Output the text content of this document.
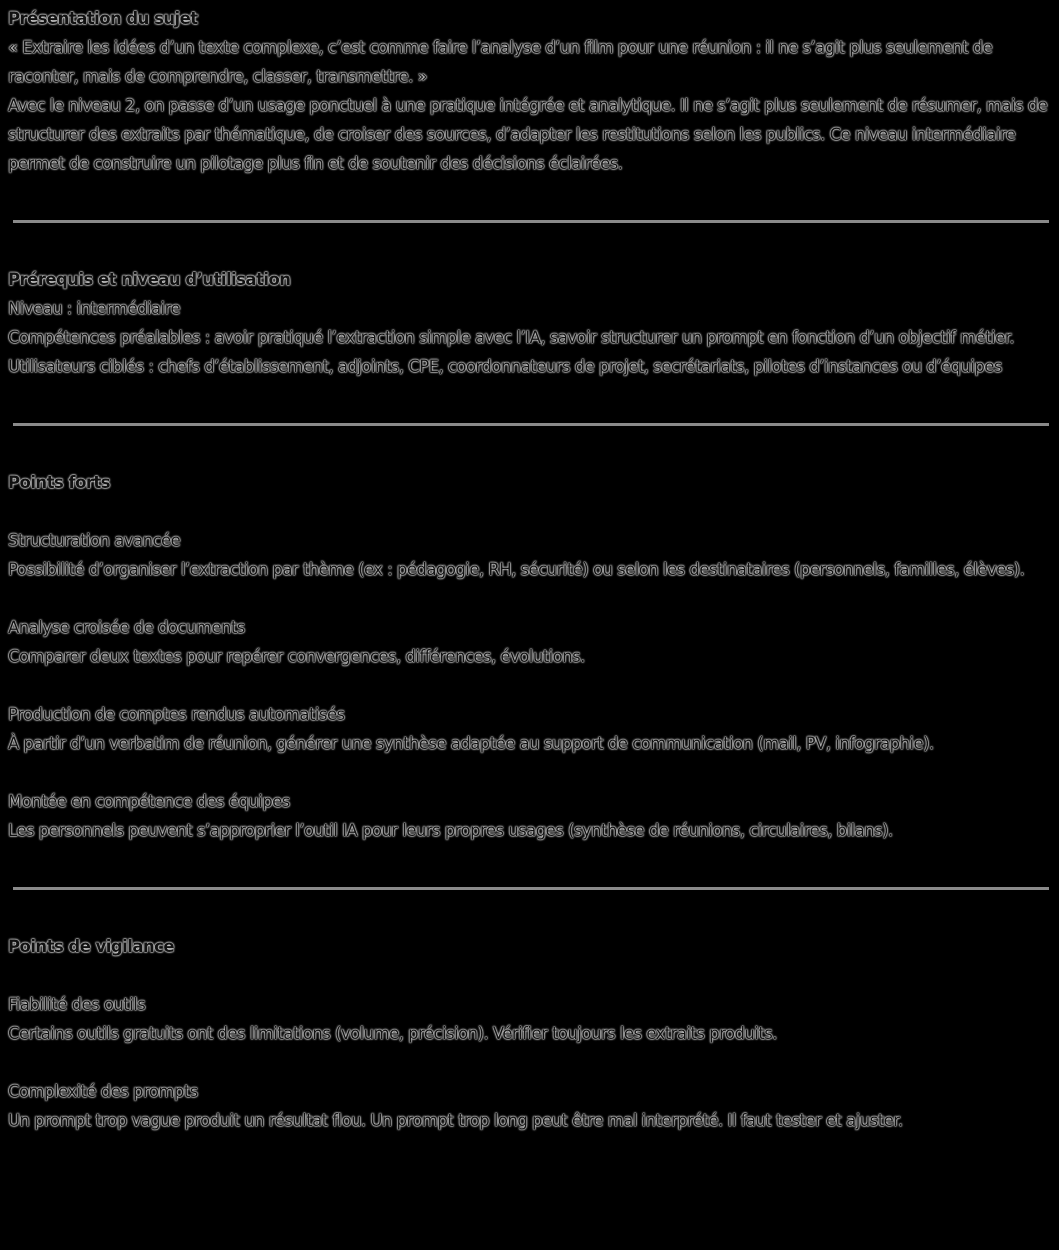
Présentation du sujet

« Extraire les idées d’un texte complexe, c’est comme faire l’analyse d’un film pour une réunion : il ne s’agit plus seulement de raconter, mais de comprendre, classer, transmettre. »

Avec le niveau 2, on passe d’un usage ponctuel à une pratique intégrée et analytique. Il ne s’agit plus seulement de résumer, mais de structurer des extraits par thématique, de croiser des sources, d’adapter les restitutions selon les publics. Ce niveau intermédiaire permet de construire un pilotage plus fin et de soutenir des décisions éclairées.

Prérequis et niveau d’utilisation

Niveau : intermédiaire

Compétences préalables : avoir pratiqué l’extraction simple avec l’IA, savoir structurer un prompt en fonction d’un objectif métier.

Utilisateurs ciblés : chefs d’établissement, adjoints, CPE, coordonnateurs de projet, secrétariats, pilotes d’instances ou d’équipes

Points forts

Structuration avancée

Possibilité d’organiser l’extraction par thème (ex : pédagogie, RH, sécurité) ou selon les destinataires (personnels, familles, élèves).

Analyse croisée de documents

Comparer deux textes pour repérer convergences, différences, évolutions.

Production de comptes rendus automatisés

À partir d’un verbatim de réunion, générer une synthèse adaptée au support de communication (mail, PV, infographie).

Montée en compétence des équipes

Les personnels peuvent s’approprier l’outil IA pour leurs propres usages (synthèse de réunions, circulaires, bilans).

Points de vigilance

Fiabilité des outils

Certains outils gratuits ont des limitations (volume, précision). Vérifier toujours les extraits produits.

Complexité des prompts

Un prompt trop vague produit un résultat flou. Un prompt trop long peut être mal interprété. Il faut tester et ajuster.
